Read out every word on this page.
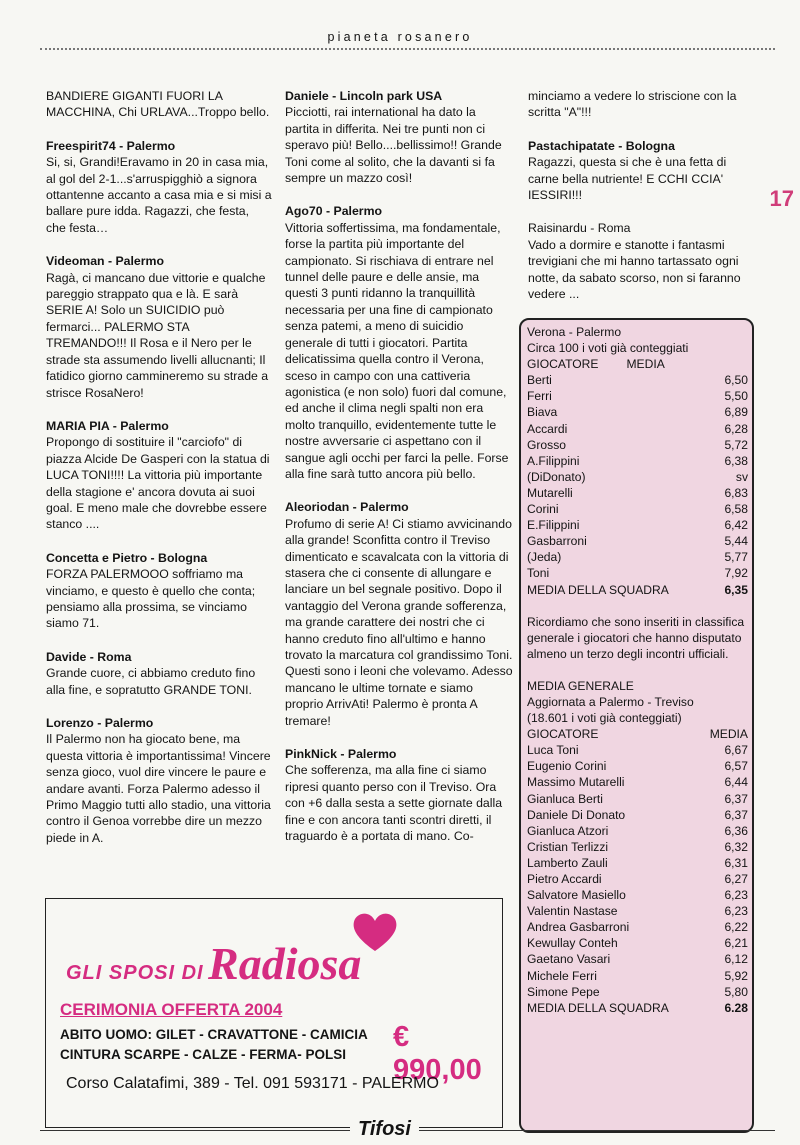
pianeta rosanero
17

BANDIERE GIGANTI FUORI LA MACCHINA, Chi URLAVA...Troppo bello.

Freespirit74 - Palermo

Si, si, Grandi!Eravamo in 20 in casa mia, al gol del 2-1...s'arruspigghiò a signora ottantenne accanto a casa mia e si misi a ballare pure idda. Ragazzi, che festa, che festa…

Videoman - Palermo

Ragà, ci mancano due vittorie e qualche pareggio strappato qua e là. E sarà SERIE A! Solo un SUICIDIO può fermarci... PALERMO STA TREMANDO!!! Il Rosa e il Nero per le strade sta assumendo livelli allucnanti; Il fatidico giorno cammineremo su strade a strisce RosaNero!

MARIA PIA - Palermo

Propongo di sostituire il "carciofo" di piazza Alcide De Gasperi con la statua di LUCA TONI!!!! La vittoria più importante della stagione e' ancora dovuta ai suoi goal. E meno male che dovrebbe essere stanco ....

Concetta e Pietro - Bologna

FORZA PALERMOOO soffriamo ma vinciamo, e questo è quello che conta; pensiamo alla prossima, se vinciamo siamo 71.

Davide - Roma

Grande cuore, ci abbiamo creduto fino alla fine, e sopratutto GRANDE TONI.

Lorenzo - Palermo

Il Palermo non ha giocato bene, ma questa vittoria è importantissima! Vincere senza gioco, vuol dire vincere le paure e andare avanti. Forza Palermo adesso il Primo Maggio tutti allo stadio, una vittoria contro il Genoa vorrebbe dire un mezzo piede in A.

Daniele - Lincoln park USA

Picciotti, rai international ha dato la partita in differita. Nei tre punti non ci speravo più! Bello....bellissimo!! Grande Toni come al solito, che la davanti si fa sempre un mazzo così!

Ago70 - Palermo

Vittoria soffertissima, ma fondamentale, forse la partita più importante del campionato. Si rischiava di entrare nel tunnel delle paure e delle ansie, ma questi 3 punti ridanno la tranquillità necessaria per una fine di campionato senza patemi, a meno di suicidio generale di tutti i giocatori. Partita delicatissima quella contro il Verona, sceso in campo con una cattiveria agonistica (e non solo) fuori dal comune, ed anche il clima negli spalti non era molto tranquillo, evidentemente tutte le nostre avversarie ci aspettano con il sangue agli occhi per farci la pelle. Forse alla fine sarà tutto ancora più bello.

Aleoriodan - Palermo

Profumo di serie A! Ci stiamo avvicinando alla grande! Sconfitta contro il Treviso dimenticato e scavalcata con la vittoria di stasera che ci consente di allungare e lanciare un bel segnale positivo. Dopo il vantaggio del Verona grande sofferenza, ma grande carattere dei nostri che ci hanno creduto fino all'ultimo e hanno trovato la marcatura col grandissimo Toni. Questi sono i leoni che volevamo. Adesso mancano le ultime tornate e siamo proprio ArrivAti! Palermo è pronta A tremare!

PinkNick - Palermo

Che sofferenza, ma alla fine ci siamo ripresi quanto perso con il Treviso. Ora con +6 dalla sesta a sette giornate dalla fine e con ancora tanti scontri diretti, il traguardo è a portata di mano. Co-

minciamo a vedere lo striscione con la scritta "A"!!!

Pastachipatate - Bologna

Ragazzi, questa si che è una fetta di carne bella nutriente! E CCHI CCIA' IESSIRI!!!

Raisinardu - Roma

Vado a dormire e stanotte i fantasmi trevigiani che mi hanno tartassato ogni notte, da sabato scorso, non si faranno vedere ...

Verona - Palermo
Circa 100 i voti già conteggiati
GIOCATORE MEDIA
Berti	6,50
Ferri	5,50
Biava	6,89
Accardi	6,28
Grosso	5,72
A.Filippini	6,38
(DiDonato)	sv
Mutarelli	6,83
Corini	6,58
E.Filippini	6,42
Gasbarroni	5,44
(Jeda)	5,77
Toni	7,92
MEDIA DELLA SQUADRA	6,35
Ricordiamo che sono inseriti in classifica generale i giocatori che hanno disputato almeno un terzo degli incontri ufficiali.
MEDIA GENERALE
Aggiornata a Palermo - Treviso
(18.601 i voti già conteggiati)
GIOCATORE	MEDIA
Luca Toni	6,67
Eugenio Corini	6,57
Massimo Mutarelli	6,44
Gianluca Berti	6,37
Daniele Di Donato	6,37
Gianluca Atzori	6,36
Cristian Terlizzi	6,32
Lamberto Zauli	6,31
Pietro Accardi	6,27
Salvatore Masiello	6,23
Valentin Nastase	6,23
Andrea Gasbarroni	6,22
Kewullay Conteh	6,21
Gaetano Vasari	6,12
Michele Ferri	5,92
Simone Pepe	5,80
MEDIA DELLA SQUADRA	6.28
GLI SPOSI DI Radiosa
CERIMONIA OFFERTA 2004
ABITO UOMO: GILET - CRAVATTONE - CAMICIA
CINTURA SCARPE - CALZE - FERMA- POLSI
€ 990,00
Corso Calatafimi, 389 - Tel. 091 593171 - PALERMO
Tifosi
